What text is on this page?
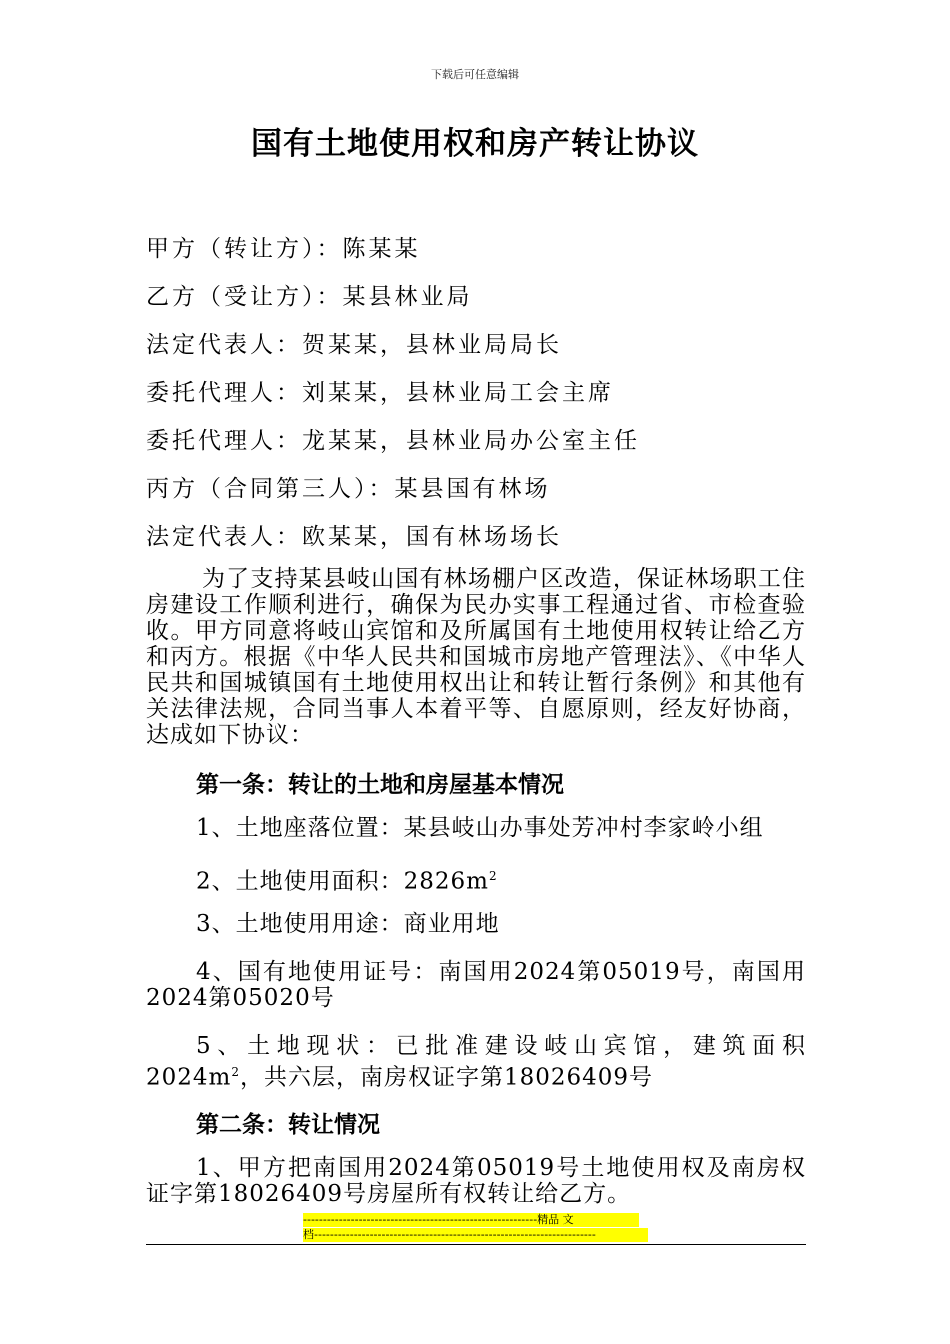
下载后可任意编辑
国有土地使用权和房产转让协议
甲方（转让方）：陈某某
乙方（受让方）：某县林业局
法定代表人：贺某某，县林业局局长
委托代理人：刘某某，县林业局工会主席
委托代理人：龙某某，县林业局办公室主任
丙方（合同第三人）：某县国有林场
法定代表人：欧某某，国有林场场长

为了支持某县岐山国有林场棚户区改造，保证林场职工住房建设工作顺利进行，确保为民办实事工程通过省、市检查验收。甲方同意将岐山宾馆和及所属国有土地使用权转让给乙方和丙方。根据《中华人民共和国城市房地产管理法》、《中华人民共和国城镇国有土地使用权出让和转让暂行条例》和其他有关法律法规，合同当事人本着平等、自愿原则，经友好协商，达成如下协议：

第一条：转让的土地和房屋基本情况

1、土地座落位置：某县岐山办事处芳冲村李家岭小组

2、土地使用面积：$2826m^2$

3、土地使用用途：商业用地

4、国有地使用证号：南国用2024第05019号，南国用2024第05020号

5、土地现状：已批准建设岐山宾馆，建筑面积$2024m^2$，共六层，南房权证字第18026409号

第二条：转让情况

1、甲方把南国用2024第05019号土地使用权及南房权证字第18026409号房屋所有权转让给乙方。

-----------------------------------------------------------精品 文
档-----------------------------------------------------------------------
